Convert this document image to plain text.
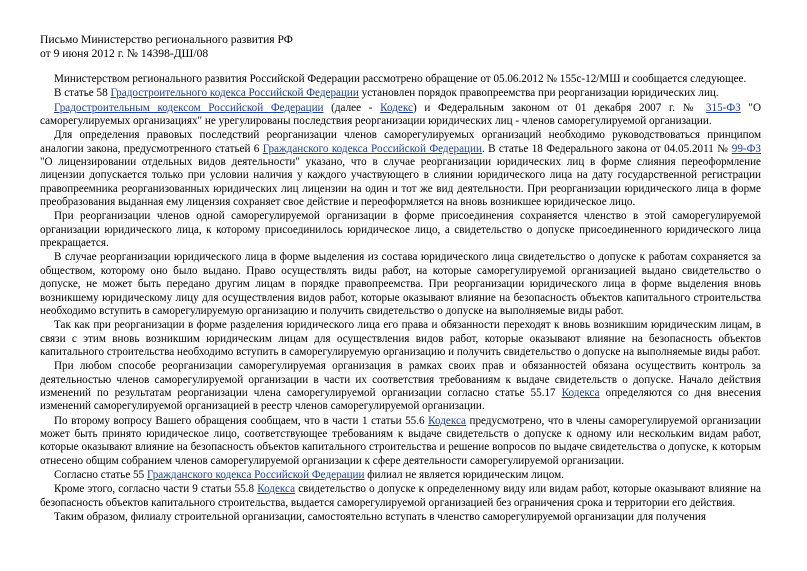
Письмо Министерство регионального развития РФ
от 9 июня 2012 г. № 14398-ДШ/08
Министерством регионального развития Российской Федерации рассмотрено обращение от 05.06.2012 № 155с-12/МШ и сообщается следующее.
В статье 58 Градостроительного кодекса Российской Федерации установлен порядок правопреемства при реорганизации юридических лиц.
Градостроительным кодексом Российской Федерации (далее - Кодекс) и Федеральным законом от 01 декабря 2007 г. № 315-ФЗ "О саморегулируемых организациях" не урегулированы последствия реорганизации юридических лиц - членов саморегулируемой организации.
Для определения правовых последствий реорганизации членов саморегулируемых организаций необходимо руководствоваться принципом аналогии закона, предусмотренного статьей 6 Гражданского кодекса Российской Федерации. В статье 18 Федерального закона от 04.05.2011 № 99-ФЗ "О лицензировании отдельных видов деятельности" указано, что в случае реорганизации юридических лиц в форме слияния переоформление лицензии допускается только при условии наличия у каждого участвующего в слиянии юридического лица на дату государственной регистрации правопреемника реорганизованных юридических лиц лицензии на один и тот же вид деятельности. При реорганизации юридического лица в форме преобразования выданная ему лицензия сохраняет свое действие и переоформляется на вновь возникшее юридическое лицо.
При реорганизации членов одной саморегулируемой организации в форме присоединения сохраняется членство в этой саморегулируемой организации юридического лица, к которому присоединилось юридическое лицо, а свидетельство о допуске присоединенного юридического лица прекращается.
В случае реорганизации юридического лица в форме выделения из состава юридического лица свидетельство о допуске к работам сохраняется за обществом, которому оно было выдано. Право осуществлять виды работ, на которые саморегулируемой организацией выдано свидетельство о допуске, не может быть передано другим лицам в порядке правопреемства. При реорганизации юридического лица в форме выделения вновь возникшему юридическому лицу для осуществления видов работ, которые оказывают влияние на безопасность объектов капитального строительства необходимо вступить в саморегулируемую организацию и получить свидетельство о допуске на выполняемые виды работ.
Так как при реорганизации в форме разделения юридического лица его права и обязанности переходят к вновь возникшим юридическим лицам, в связи с этим вновь возникшим юридическим лицам для осуществления видов работ, которые оказывают влияние на безопасность объектов капитального строительства необходимо вступить в саморегулируемую организацию и получить свидетельство о допуске на выполняемые виды работ.
При любом способе реорганизации саморегулируемая организация в рамках своих прав и обязанностей обязана осуществить контроль за деятельностью членов саморегулируемой организации в части их соответствия требованиям к выдаче свидетельств о допуске. Начало действия изменений по результатам реорганизации члена саморегулируемой организации согласно статье 55.17 Кодекса определяются со дня внесения изменений саморегулируемой организацией в реестр членов саморегулируемой организации.
По второму вопросу Вашего обращения сообщаем, что в части 1 статьи 55.6 Кодекса предусмотрено, что в члены саморегулируемой организации может быть принято юридическое лицо, соответствующее требованиям к выдаче свидетельств о допуске к одному или нескольким видам работ, которые оказывают влияние на безопасность объектов капитального строительства и решение вопросов по выдаче свидетельства о допуске, к которым отнесено общим собранием членов саморегулируемой организации к сфере деятельности саморегулируемой организации.
Согласно статье 55 Гражданского кодекса Российской Федерации филиал не является юридическим лицом.
Кроме этого, согласно части 9 статьи 55.8 Кодекса свидетельство о допуске к определенному виду или видам работ, которые оказывают влияние на безопасность объектов капитального строительства, выдается саморегулируемой организацией без ограничения срока и территории его действия.
Таким образом, филиалу строительной организации, самостоятельно вступать в членство саморегулируемой организации для получения
